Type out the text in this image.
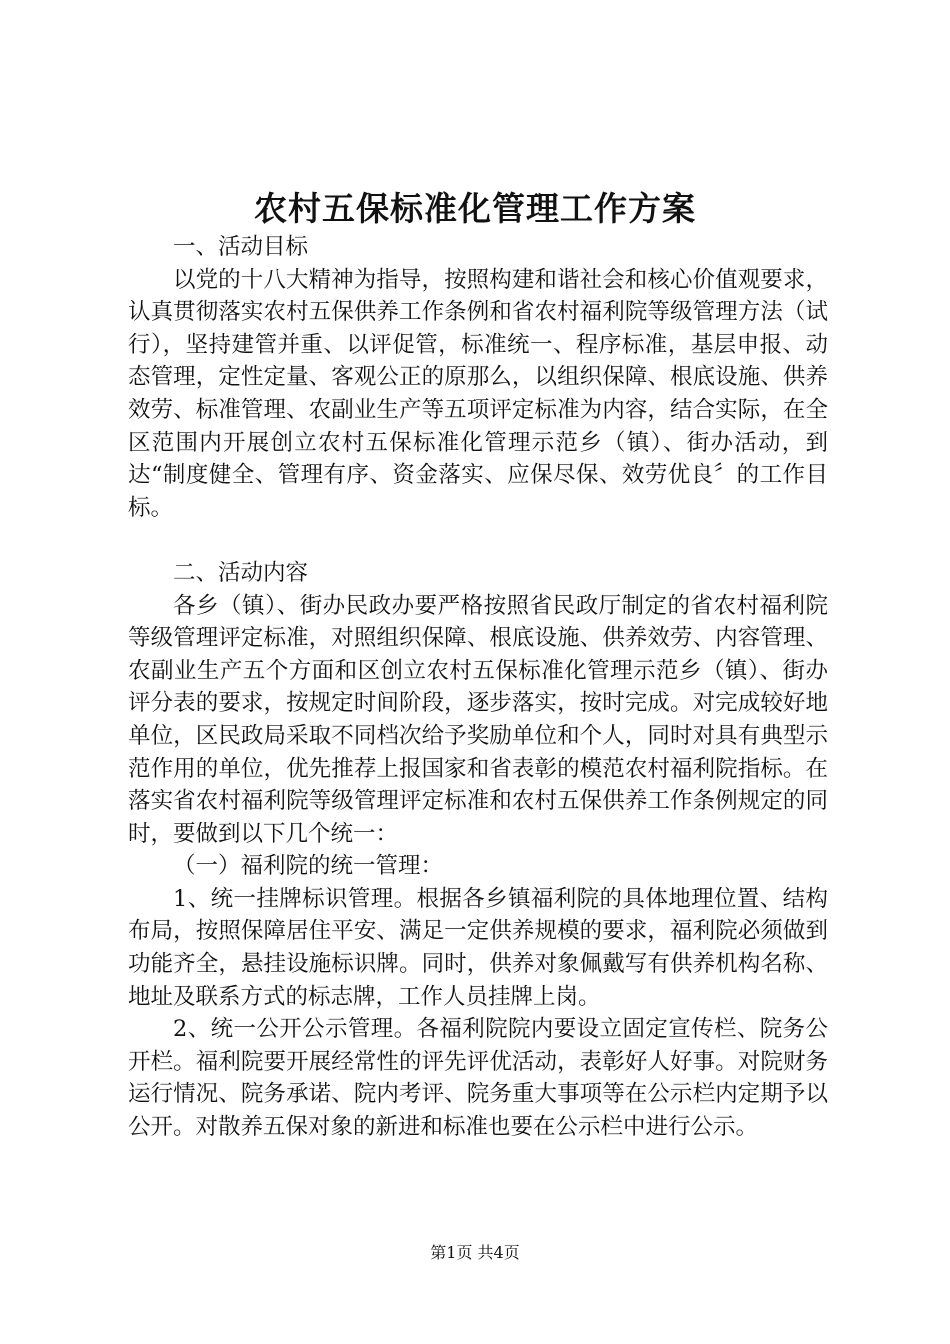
农村五保标准化管理工作方案

一、活动目标

以党的十八大精神为指导，按照构建和谐社会和核心价值观要求，认真贯彻落实农村五保供养工作条例和省农村福利院等级管理方法（试行），坚持建管并重、以评促管，标准统一、程序标准，基层申报、动态管理，定性定量、客观公正的原那么，以组织保障、根底设施、供养效劳、标准管理、农副业生产等五项评定标准为内容，结合实际，在全区范围内开展创立农村五保标准化管理示范乡（镇）、街办活动，到达“制度健全、管理有序、资金落实、应保尽保、效劳优良〞的工作目标。

二、活动内容

各乡（镇）、街办民政办要严格按照省民政厅制定的省农村福利院等级管理评定标准，对照组织保障、根底设施、供养效劳、内容管理、农副业生产五个方面和区创立农村五保标准化管理示范乡（镇）、街办评分表的要求，按规定时间阶段，逐步落实，按时完成。对完成较好地单位，区民政局采取不同档次给予奖励单位和个人，同时对具有典型示范作用的单位，优先推荐上报国家和省表彰的模范农村福利院指标。在落实省农村福利院等级管理评定标准和农村五保供养工作条例规定的同时，要做到以下几个统一：

（一）福利院的统一管理：

1、统一挂牌标识管理。根据各乡镇福利院的具体地理位置、结构布局，按照保障居住平安、满足一定供养规模的要求，福利院必须做到功能齐全，悬挂设施标识牌。同时，供养对象佩戴写有供养机构名称、地址及联系方式的标志牌，工作人员挂牌上岗。

2、统一公开公示管理。各福利院院内要设立固定宣传栏、院务公开栏。福利院要开展经常性的评先评优活动，表彰好人好事。对院财务运行情况、院务承诺、院内考评、院务重大事项等在公示栏内定期予以公开。对散养五保对象的新进和标准也要在公示栏中进行公示。

第1页 共4页
